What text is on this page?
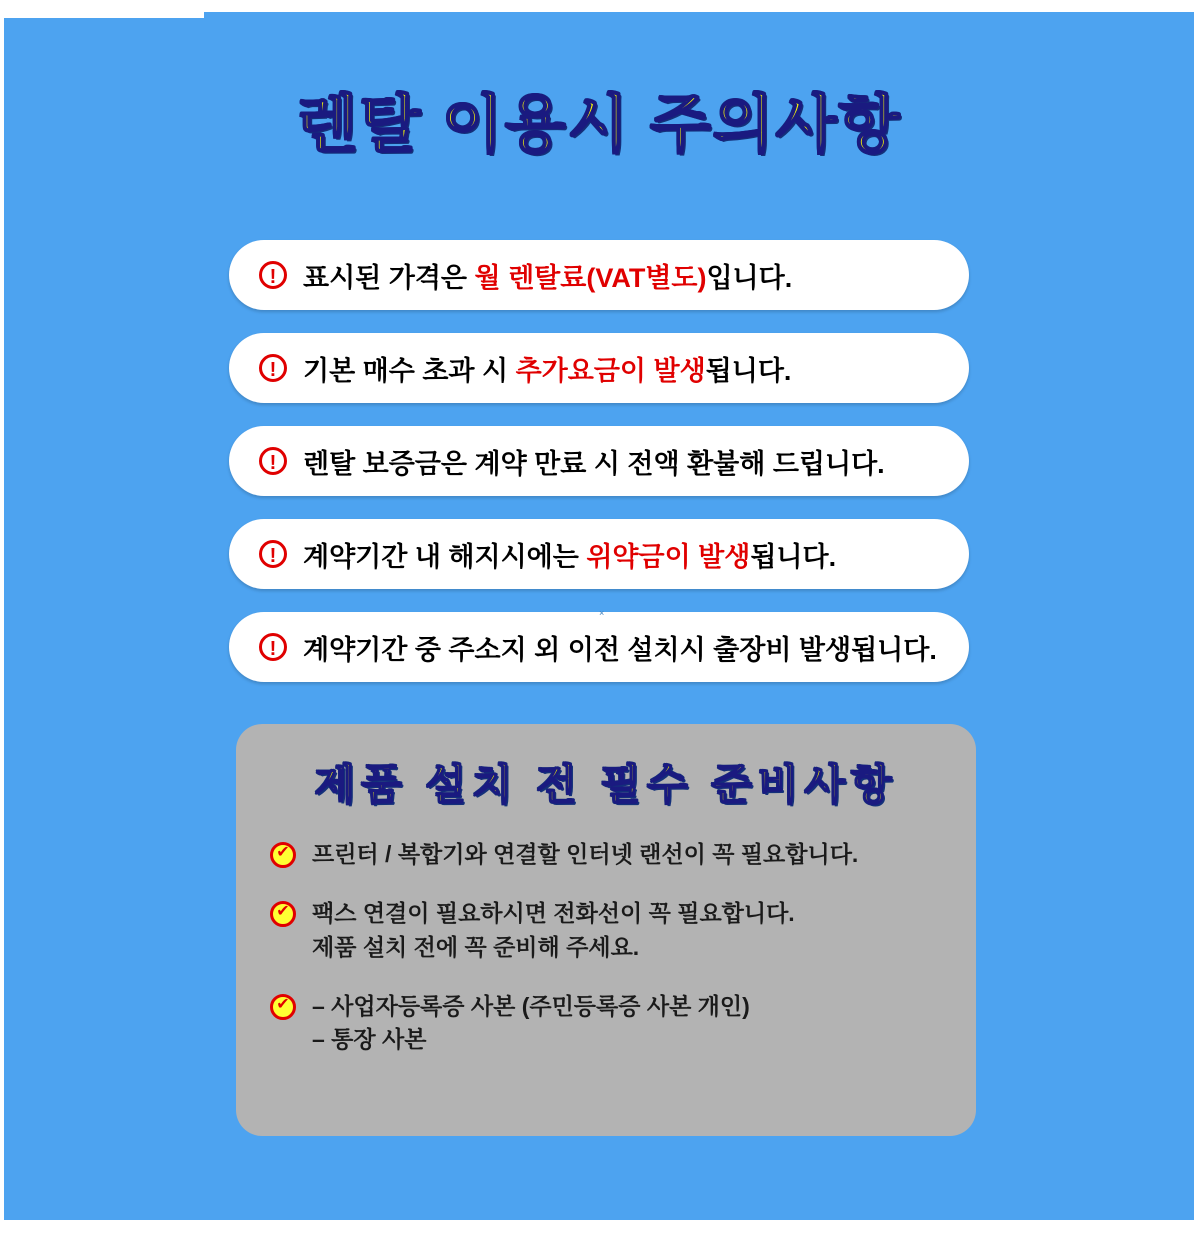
렌탈 이용시 주의사항
! 표시된 가격은 월 렌탈료(VAT별도)입니다.
! 기본 매수 초과 시 추가요금이 발생됩니다.
! 렌탈 보증금은 계약 만료 시 전액 환불해 드립니다.
! 계약기간 내 해지시에는 위약금이 발생됩니다.
! 계약기간 중 주소지 외 이전 설치시 출장비 발생됩니다.
×
제품 설치 전 필수 준비사항
✔
프린터 / 복합기와 연결할 인터넷 랜선이 꼭 필요합니다.
✔
팩스 연결이 필요하시면 전화선이 꼭 필요합니다.
제품 설치 전에 꼭 준비해 주세요.
✔
– 사업자등록증 사본 (주민등록증 사본 개인)
– 통장 사본
